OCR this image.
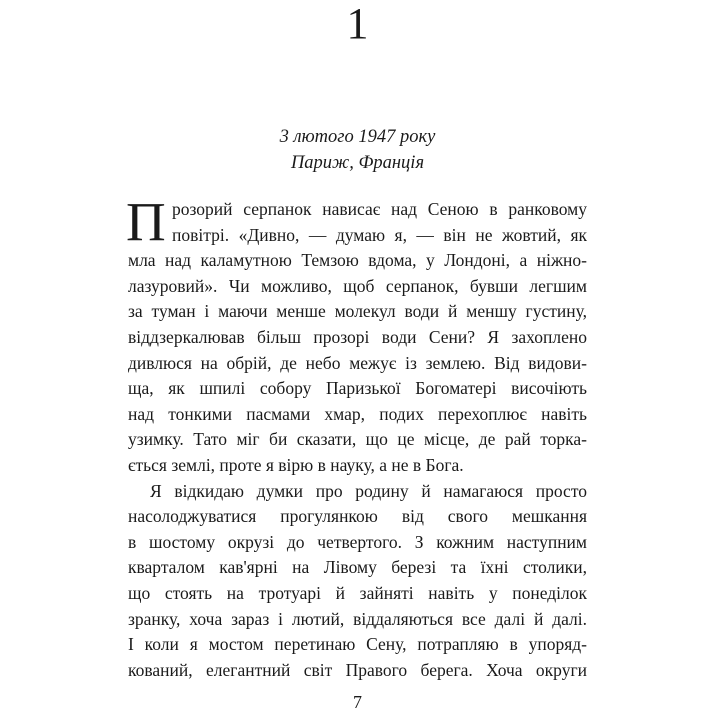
1
3 лютого 1947 року
Париж, Франція
П розорий серпанок нависає над Сеною в ранковому
повітрі. «Дивно, — думаю я, — він не жовтий, як
мла над каламутною Темзою вдома, у Лондоні, а ніжно-
лазуровий». Чи можливо, щоб серпанок, бувши легшим
за туман і маючи менше молекул води й меншу густину,
віддзеркалював більш прозорі води Сени? Я захоплено
дивлюся на обрій, де небо межує із землею. Від видови-
ща, як шпилі собору Паризької Богоматері височіють
над тонкими пасмами хмар, подих перехоплює навіть
узимку. Тато міг би сказати, що це місце, де рай торка-
ється землі, проте я вірю в науку, а не в Бога.
Я відкидаю думки про родину й намагаюся просто
насолоджуватися прогулянкою від свого мешкання
в шостому окрузі до четвертого. З кожним наступним
кварталом кав'ярні на Лівому березі та їхні столики,
що стоять на тротуарі й зайняті навіть у понеділок
зранку, хоча зараз і лютий, віддаляються все далі й далі.
І коли я мостом перетинаю Сену, потрапляю в упоряд-
кований, елегантний світ Правого берега. Хоча округи
7
